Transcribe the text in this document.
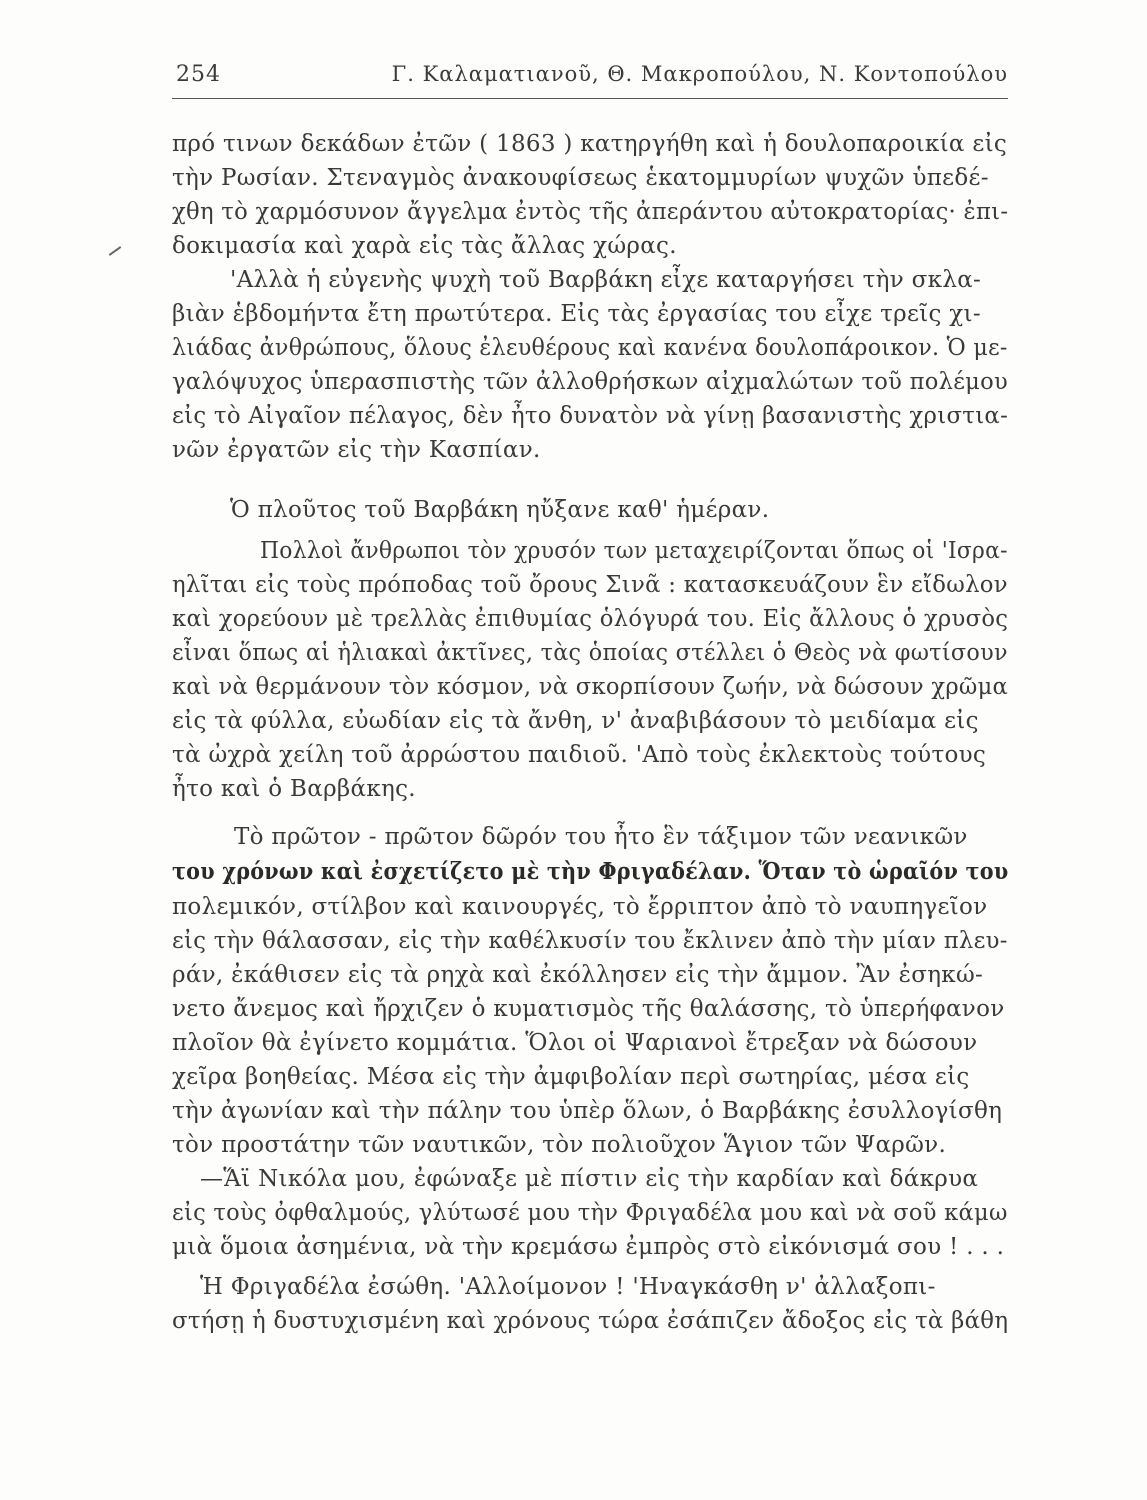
254	Γ. Καλαματιανοῦ, Θ. Μακροπούλου, Ν. Κοντοπούλου
πρό τινων δεκάδων ἐτῶν ( 1863 ) κατηργήθη καὶ ἡ δουλοπαροικία εἰς
τὴν Ρωσίαν. Στεναγμὸς ἀνακουφίσεως ἑκατομμυρίων ψυχῶν ὑπεδέ-
χθη τὸ χαρμόσυνον ἄγγελμα ἐντὸς τῆς ἀπεράντου αὐτοκρατορίας· ἐπι-
δοκιμασία καὶ χαρὰ εἰς τὰς ἄλλας χώρας.
'Αλλὰ ἡ εὐγενὴς ψυχὴ τοῦ Βαρβάκη εἶχε καταργήσει τὴν σκλα-
βιὰν ἑβδομήντα ἔτη πρωτύτερα. Εἰς τὰς ἐργασίας του εἶχε τρεῖς χι-
λιάδας ἀνθρώπους, ὅλους ἐλευθέρους καὶ κανένα δουλοπάροικον. Ὁ με-
γαλόψυχος ὑπερασπιστὴς τῶν ἀλλοθρήσκων αἰχμαλώτων τοῦ πολέμου
εἰς τὸ Αἰγαῖον πέλαγος, δὲν ἦτο δυνατὸν νὰ γίνῃ βασανιστὴς χριστια-
νῶν ἐργατῶν εἰς τὴν Κασπίαν.
Ὁ πλοῦτος τοῦ Βαρβάκη ηὔξανε καθ' ἡμέραν.
Πολλοὶ ἄνθρωποι τὸν χρυσόν των μεταχειρίζονται ὅπως οἱ 'Ισρα-
ηλῖται εἰς τοὺς πρόποδας τοῦ ὄρους Σινᾶ : κατασκευάζουν ἓν εἴδωλον
καὶ χορεύουν μὲ τρελλὰς ἐπιθυμίας ὁλόγυρά του. Εἰς ἄλλους ὁ χρυσὸς
εἶναι ὅπως αἱ ἡλιακαὶ ἀκτῖνες, τὰς ὁποίας στέλλει ὁ Θεὸς νὰ φωτίσουν
καὶ νὰ θερμάνουν τὸν κόσμον, νὰ σκορπίσουν ζωήν, νὰ δώσουν χρῶμα
εἰς τὰ φύλλα, εὐωδίαν εἰς τὰ ἄνθη, ν' ἀναβιβάσουν τὸ μειδίαμα εἰς
τὰ ὠχρὰ χείλη τοῦ ἀρρώστου παιδιοῦ. 'Απὸ τοὺς ἐκλεκτοὺς τούτους
ἦτο καὶ ὁ Βαρβάκης.
Τὸ πρῶτον - πρῶτον δῶρόν του ἦτο ἓν τάξιμον τῶν νεανικῶν
του χρόνων καὶ ἐσχετίζετο μὲ τὴν Φριγαδέλαν. Ὅταν τὸ ὡραῖόν του
πολεμικόν, στίλβον καὶ καινουργές, τὸ ἔρριπτον ἀπὸ τὸ ναυπηγεῖον
εἰς τὴν θάλασσαν, εἰς τὴν καθέλκυσίν του ἔκλινεν ἀπὸ τὴν μίαν πλευ-
ράν, ἐκάθισεν εἰς τὰ ρηχὰ καὶ ἐκόλλησεν εἰς τὴν ἄμμον. Ἂν ἐσηκώ-
νετο ἄνεμος καὶ ἤρχιζεν ὁ κυματισμὸς τῆς θαλάσσης, τὸ ὑπερήφανον
πλοῖον θὰ ἐγίνετο κομμάτια. Ὅλοι οἱ Ψαριανοὶ ἔτρεξαν νὰ δώσουν
χεῖρα βοηθείας. Μέσα εἰς τὴν ἀμφιβολίαν περὶ σωτηρίας, μέσα εἰς
τὴν ἀγωνίαν καὶ τὴν πάλην του ὑπὲρ ὅλων, ὁ Βαρβάκης ἐσυλλογίσθη
τὸν προστάτην τῶν ναυτικῶν, τὸν πολιοῦχον Ἅγιον τῶν Ψαρῶν.
—Ἅϊ Νικόλα μου, ἐφώναξε μὲ πίστιν εἰς τὴν καρδίαν καὶ δάκρυα
εἰς τοὺς ὀφθαλμούς, γλύτωσέ μου τὴν Φριγαδέλα μου καὶ νὰ σοῦ κάμω
μιὰ ὅμοια ἀσημένια, νὰ τὴν κρεμάσω ἐμπρὸς στὸ εἰκόνισμά σου ! . . .
Ἡ Φριγαδέλα ἐσώθη. 'Αλλοίμονον ! 'Ηναγκάσθη ν' ἀλλαξοπι-
στήσῃ ἡ δυστυχισμένη καὶ χρόνους τώρα ἐσάπιζεν ἄδοξος εἰς τὰ βάθη
